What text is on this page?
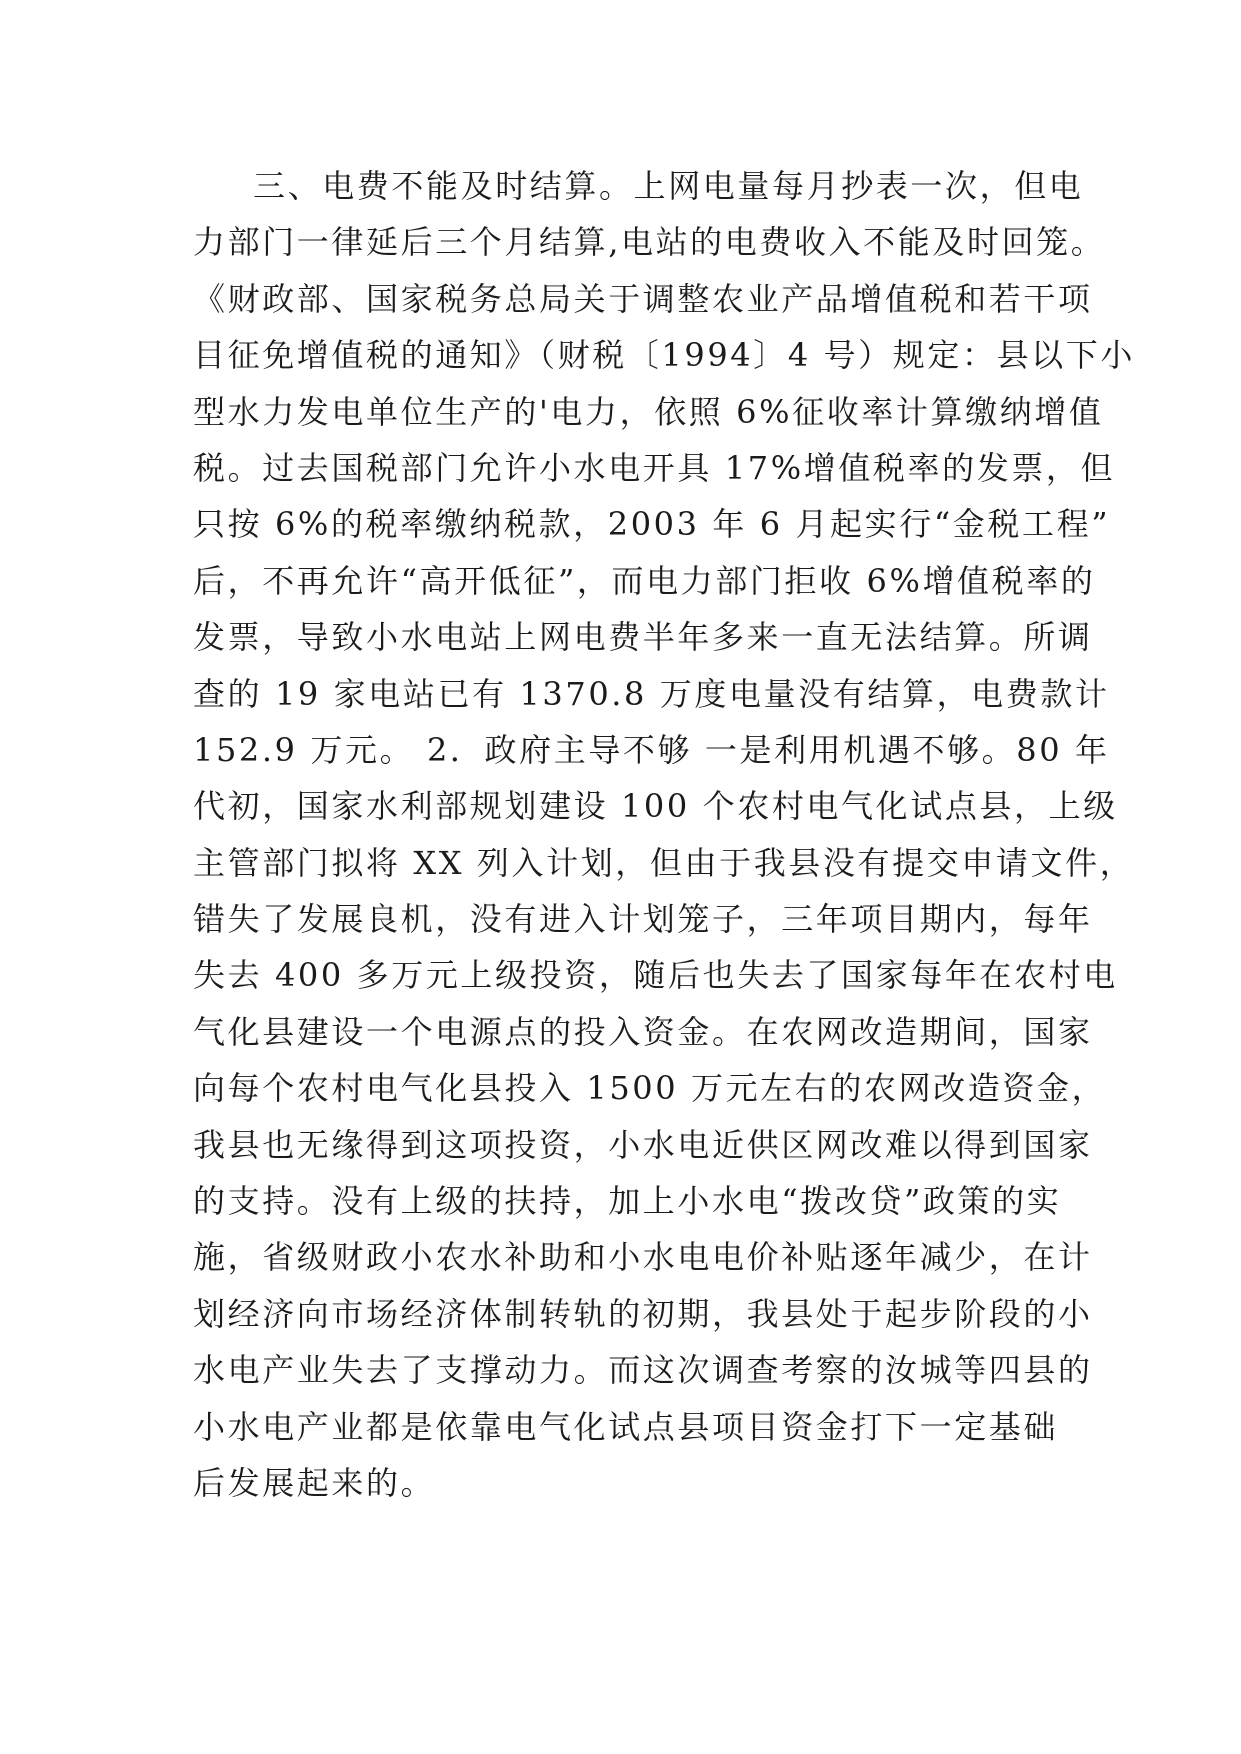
三、电费不能及时结算。上网电量每月抄表一次，但电
力部门一律延后三个月结算,电站的电费收入不能及时回笼。
《财政部、国家税务总局关于调整农业产品增值税和若干项
目征免增值税的通知》（财税〔1994〕4 号）规定：县以下小
型水力发电单位生产的'电力，依照 6%征收率计算缴纳增值
税。过去国税部门允许小水电开具 17%增值税率的发票，但
只按 6%的税率缴纳税款，2003 年 6 月起实行“金税工程”
后，不再允许“高开低征”，而电力部门拒收 6%增值税率的
发票，导致小水电站上网电费半年多来一直无法结算。所调
查的 19 家电站已有 1370.8 万度电量没有结算，电费款计
152.9 万元。 2．政府主导不够 一是利用机遇不够。80 年
代初，国家水利部规划建设 100 个农村电气化试点县，上级
主管部门拟将 XX 列入计划，但由于我县没有提交申请文件，
错失了发展良机，没有进入计划笼子，三年项目期内，每年
失去 400 多万元上级投资，随后也失去了国家每年在农村电
气化县建设一个电源点的投入资金。在农网改造期间，国家
向每个农村电气化县投入 1500 万元左右的农网改造资金，
我县也无缘得到这项投资，小水电近供区网改难以得到国家
的支持。没有上级的扶持，加上小水电“拨改贷”政策的实
施，省级财政小农水补助和小水电电价补贴逐年减少，在计
划经济向市场经济体制转轨的初期，我县处于起步阶段的小
水电产业失去了支撑动力。而这次调查考察的汝城等四县的
小水电产业都是依靠电气化试点县项目资金打下一定基础
后发展起来的。
